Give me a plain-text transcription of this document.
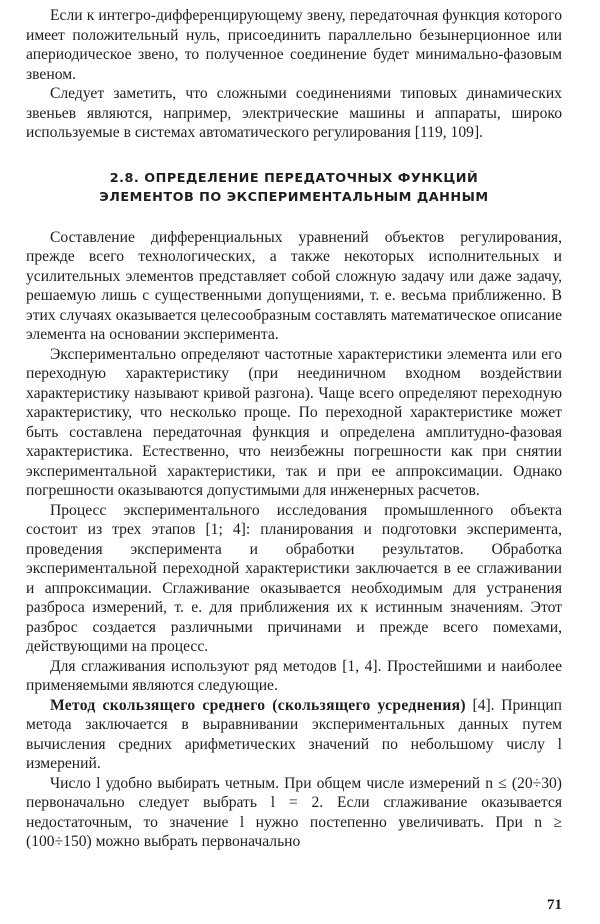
Если к интегро-дифференцирующему звену, передаточная функция которого имеет положительный нуль, присоединить параллельно безынерционное или апериодическое звено, то полученное соединение будет минимально-фазовым звеном.

Следует заметить, что сложными соединениями типовых динамических звеньев являются, например, электрические машины и аппараты, широко используемые в системах автоматического регулирования [119, 109].

2.8. ОПРЕДЕЛЕНИЕ ПЕРЕДАТОЧНЫХ ФУНКЦИЙ
ЭЛЕМЕНТОВ ПО ЭКСПЕРИМЕНТАЛЬНЫМ ДАННЫМ

Составление дифференциальных уравнений объектов регулирования, прежде всего технологических, а также некоторых исполнительных и усилительных элементов представляет собой сложную задачу или даже задачу, решаемую лишь с существенными допущениями, т. е. весьма приближенно. В этих случаях оказывается целесообразным составлять математическое описание элемента на основании эксперимента.

Экспериментально определяют частотные характеристики элемента или его переходную характеристику (при неединичном входном воздействии характеристику называют кривой разгона). Чаще всего определяют переходную характеристику, что несколько проще. По переходной характеристике может быть составлена передаточная функция и определена амплитудно-фазовая характеристика. Естественно, что неизбежны погрешности как при снятии экспериментальной характеристики, так и при ее аппроксимации. Однако погрешности оказываются допустимыми для инженерных расчетов.

Процесс экспериментального исследования промышленного объекта состоит из трех этапов [1; 4]: планирования и подготовки эксперимента, проведения эксперимента и обработки результатов. Обработка экспериментальной переходной характеристики заключается в ее сглаживании и аппроксимации. Сглаживание оказывается необходимым для устранения разброса измерений, т. е. для приближения их к истинным значениям. Этот разброс создается различными причинами и прежде всего помехами, действующими на процесс.

Для сглаживания используют ряд методов [1, 4]. Простейшими и наиболее применяемыми являются следующие.

Метод скользящего среднего (скользящего усреднения) [4]. Принцип метода заключается в выравнивании экспериментальных данных путем вычисления средних арифметических значений по небольшому числу l измерений.

Число l удобно выбирать четным. При общем числе измерений n ≤ (20÷30) первоначально следует выбрать l = 2. Если сглаживание оказывается недостаточным, то значение l нужно постепенно увеличивать. При n ≥ (100÷150) можно выбрать первоначально

71
